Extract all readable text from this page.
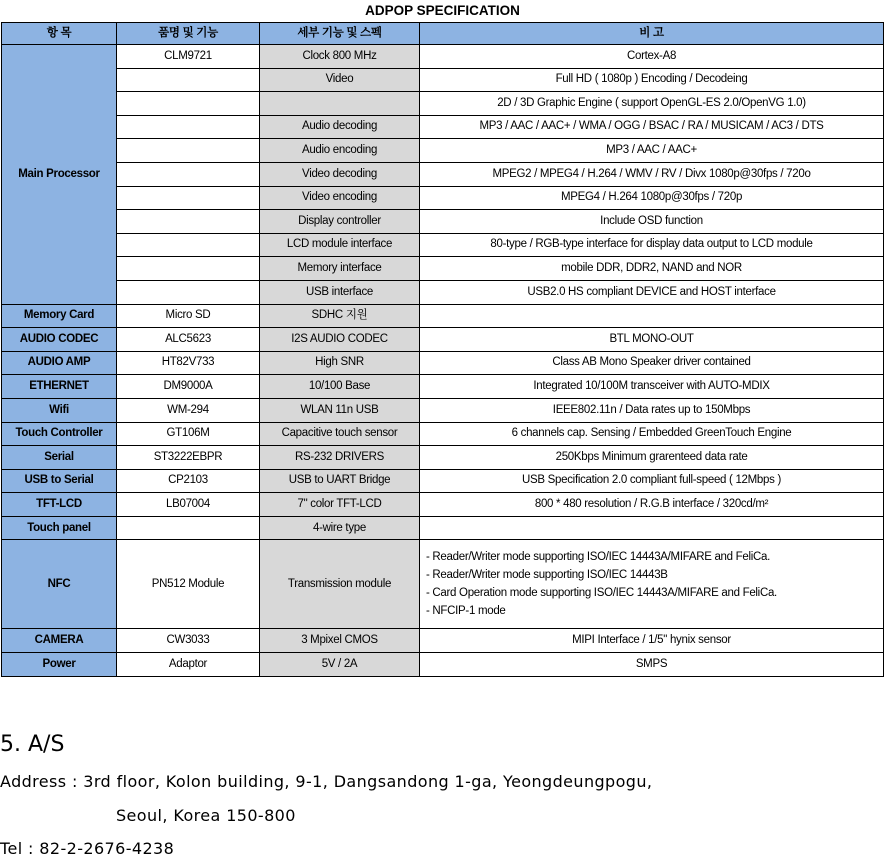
ADPOP SPECIFICATION			
항 목	품명 및 기능	세부 기능 및 스펙	비 고
Main Processor	CLM9721	Clock 800 MHz	Cortex-A8
		Video	Full HD ( 1080p ) Encoding / Decodeing
			2D / 3D Graphic Engine ( support OpenGL-ES 2.0/OpenVG 1.0)
		Audio decoding	MP3 / AAC / AAC+ / WMA / OGG / BSAC / RA / MUSICAM / AC3 / DTS
		Audio encoding	MP3 / AAC / AAC+
		Video decoding	MPEG2 / MPEG4 / H.264 / WMV / RV / Divx 1080p@30fps / 720o
		Video encoding	MPEG4 / H.264 1080p@30fps / 720p
		Display controller	Include OSD function
		LCD module interface	80-type / RGB-type interface for display data output to LCD module
		Memory interface	mobile DDR, DDR2, NAND and NOR
		USB interface	USB2.0 HS compliant DEVICE and HOST interface
Memory Card	Micro SD	SDHC 지원	
AUDIO CODEC	ALC5623	I2S AUDIO CODEC	BTL MONO-OUT
AUDIO AMP	HT82V733	High SNR	Class AB Mono Speaker driver contained
ETHERNET	DM9000A	10/100 Base	Integrated 10/100M transceiver with AUTO-MDIX
Wifi	WM-294	WLAN 11n USB	IEEE802.11n / Data rates up to 150Mbps
Touch Controller	GT106M	Capacitive touch sensor	6 channels cap. Sensing / Embedded GreenTouch Engine
Serial	ST3222EBPR	RS-232 DRIVERS	250Kbps Minimum grarenteed data rate
USB to Serial	CP2103	USB to UART Bridge	USB Specification 2.0 compliant full-speed ( 12Mbps )
TFT-LCD	LB07004	7" color TFT-LCD	800 * 480 resolution / R.G.B interface / 320cd/m²
Touch panel		4-wire type	
NFC	PN512 Module	Transmission module	- Reader/Writer mode supporting ISO/IEC 14443A/MIFARE and FeliCa.
- Reader/Writer mode supporting ISO/IEC 14443B
- Card Operation mode supporting ISO/IEC 14443A/MIFARE and FeliCa.
- NFCIP-1 mode

CAMERA	CW3033	3 Mpixel CMOS	MIPI Interface / 1/5" hynix sensor
Power	Adaptor	5V / 2A	SMPS
5. A/S
Address : 3rd floor, Kolon building, 9-1, Dangsandong 1-ga, Yeongdeungpogu,
Seoul, Korea 150-800
Tel : 82-2-2676-4238
